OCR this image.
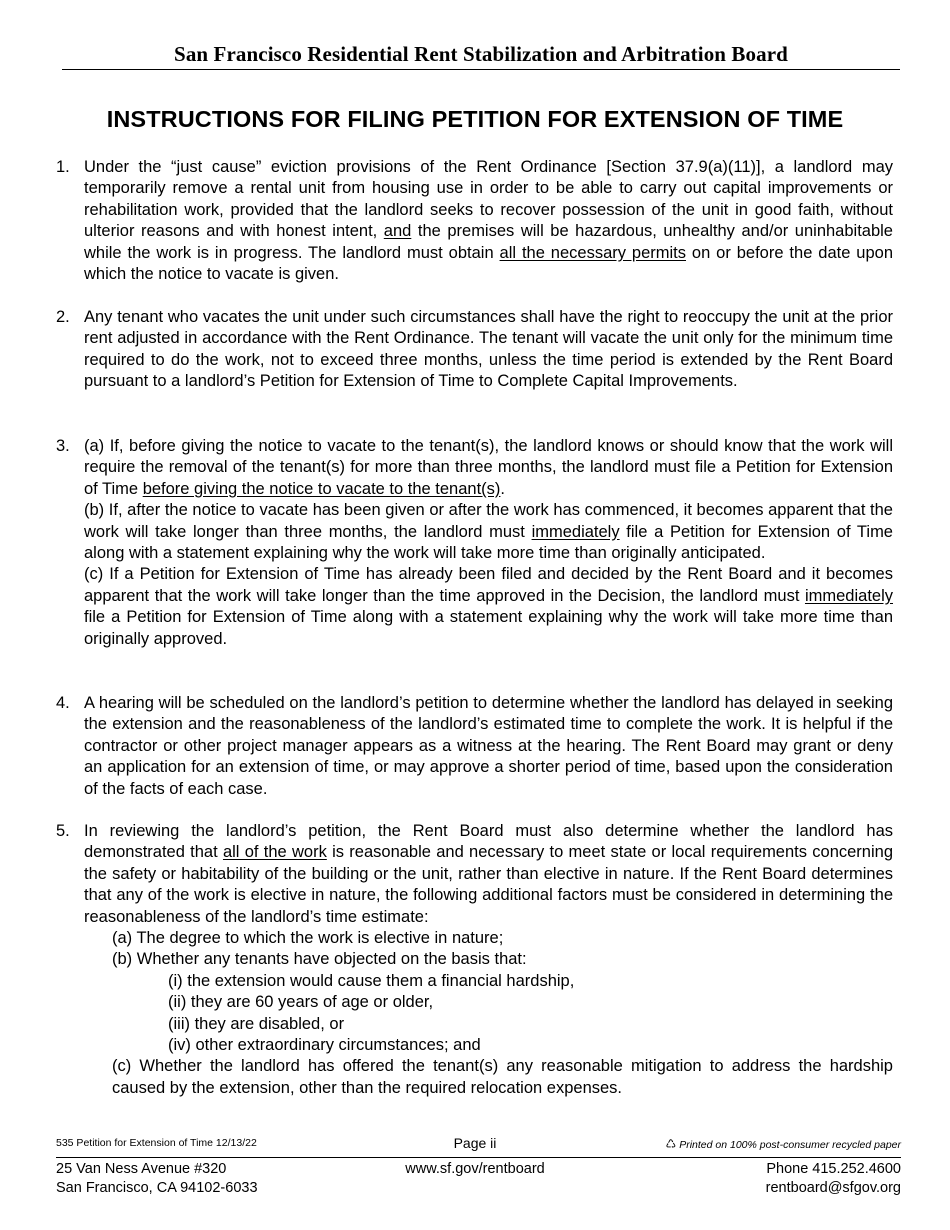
San Francisco Residential Rent Stabilization and Arbitration Board
INSTRUCTIONS FOR FILING PETITION FOR EXTENSION OF TIME
1. Under the “just cause” eviction provisions of the Rent Ordinance [Section 37.9(a)(11)], a landlord may temporarily remove a rental unit from housing use in order to be able to carry out capital improvements or rehabilitation work, provided that the landlord seeks to recover possession of the unit in good faith, without ulterior reasons and with honest intent, and the premises will be hazardous, unhealthy and/or uninhabitable while the work is in progress. The landlord must obtain all the necessary permits on or before the date upon which the notice to vacate is given.
2. Any tenant who vacates the unit under such circumstances shall have the right to reoccupy the unit at the prior rent adjusted in accordance with the Rent Ordinance. The tenant will vacate the unit only for the minimum time required to do the work, not to exceed three months, unless the time period is extended by the Rent Board pursuant to a landlord’s Petition for Extension of Time to Complete Capital Improvements.
3. (a) If, before giving the notice to vacate to the tenant(s), the landlord knows or should know that the work will require the removal of the tenant(s) for more than three months, the landlord must file a Petition for Extension of Time before giving the notice to vacate to the tenant(s).
(b) If, after the notice to vacate has been given or after the work has commenced, it becomes apparent that the work will take longer than three months, the landlord must immediately file a Petition for Extension of Time along with a statement explaining why the work will take more time than originally anticipated.
(c) If a Petition for Extension of Time has already been filed and decided by the Rent Board and it becomes apparent that the work will take longer than the time approved in the Decision, the landlord must immediately file a Petition for Extension of Time along with a statement explaining why the work will take more time than originally approved.
4. A hearing will be scheduled on the landlord’s petition to determine whether the landlord has delayed in seeking the extension and the reasonableness of the landlord’s estimated time to complete the work. It is helpful if the contractor or other project manager appears as a witness at the hearing. The Rent Board may grant or deny an application for an extension of time, or may approve a shorter period of time, based upon the consideration of the facts of each case.
5. In reviewing the landlord’s petition, the Rent Board must also determine whether the landlord has demonstrated that all of the work is reasonable and necessary to meet state or local requirements concerning the safety or habitability of the building or the unit, rather than elective in nature. If the Rent Board determines that any of the work is elective in nature, the following additional factors must be considered in determining the reasonableness of the landlord’s time estimate:
(a) The degree to which the work is elective in nature;
(b) Whether any tenants have objected on the basis that:
(i) the extension would cause them a financial hardship,
(ii) they are 60 years of age or older,
(iii) they are disabled, or
(iv) other extraordinary circumstances; and
(c) Whether the landlord has offered the tenant(s) any reasonable mitigation to address the hardship caused by the extension, other than the required relocation expenses.
535 Petition for Extension of Time 12/13/22	Page ii	♺ Printed on 100% post-consumer recycled paper
25 Van Ness Avenue #320
San Francisco, CA 94102-6033
www.sf.gov/rentboard	Phone 415.252.4600
rentboard@sfgov.org
